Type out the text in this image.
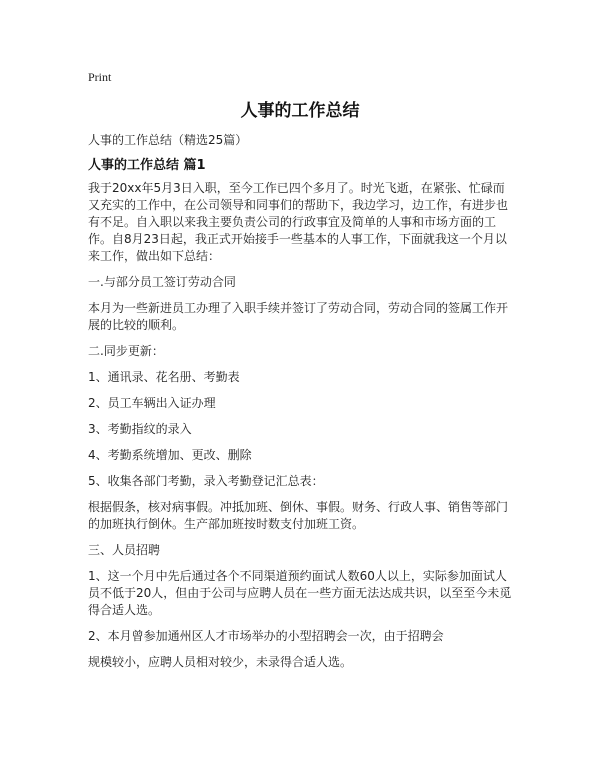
Print
人事的工作总结

人事的工作总结（精选25篇）

人事的工作总结 篇1

我于20xx年5月3日入职，至今工作已四个多月了。时光飞逝，在紧张、忙碌而又充实的工作中，在公司领导和同事们的帮助下，我边学习，边工作，有进步也有不足。自入职以来我主要负责公司的行政事宜及简单的人事和市场方面的工作。自8月23日起，我正式开始接手一些基本的人事工作，下面就我这一个月以来工作，做出如下总结：

一.与部分员工签订劳动合同

本月为一些新进员工办理了入职手续并签订了劳动合同，劳动合同的签属工作开展的比较的顺利。

二.同步更新：

1、通讯录、花名册、考勤表

2、员工车辆出入证办理

3、考勤指纹的录入

4、考勤系统增加、更改、删除

5、收集各部门考勤，录入考勤登记汇总表：

根据假条，核对病事假。冲抵加班、倒休、事假。财务、行政人事、销售等部门的加班执行倒休。生产部加班按时数支付加班工资。

三、人员招聘

1、这一个月中先后通过各个不同渠道预约面试人数60人以上，实际参加面试人员不低于20人，但由于公司与应聘人员在一些方面无法达成共识，以至至今未觅得合适人选。

2、本月曾参加通州区人才市场举办的小型招聘会一次，由于招聘会

规模较小，应聘人员相对较少，未录得合适人选。
